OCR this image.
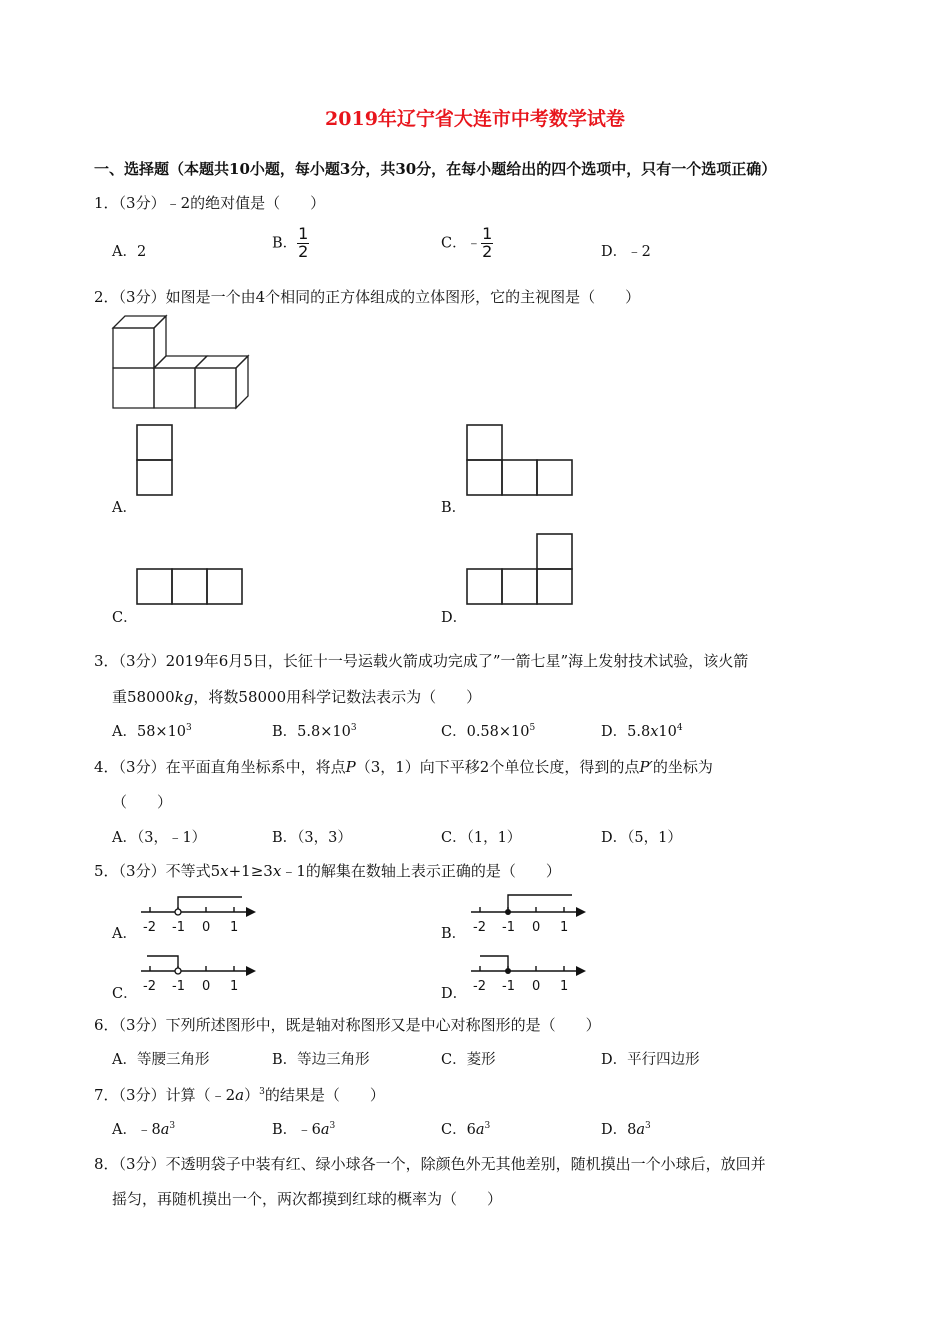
2019年辽宁省大连市中考数学试卷
一、选择题（本题共10小题，每小题3分，共30分，在每小题给出的四个选项中，只有一个选项正确）
1．（3分）﹣2的绝对值是（　　）
A．2
B． $\frac{1}{2}$	C．﹣ $\frac{1}{2}$	D．﹣2
2．（3分）如图是一个由4个相同的正方体组成的立体图形，它的主视图是（　　）
A．	B．
C．	D．
3．（3分）2019年6月5日，长征十一号运载火箭成功完成了”一箭七星”海上发射技术试验，该火箭
重58000kg，将数58000用科学记数法表示为（　　）
A．$58\times 10^3$	B．$5.8\times 10^3$	C．$0.58\times 10^5$	D．$5.8x10^4$
4．（3分）在平面直角坐标系中，将点P（3，1）向下平移2个单位长度，得到的点P′的坐标为
（　　）
A．（3，﹣1）	B．（3，3）	C．（1，1）	D．（5，1）
5．（3分）不等式5x+1≥3x﹣1的解集在数轴上表示正确的是（　　）
-2 -1 0 1
A．	-2 -1 0 1
B．
-2 -1 0 1
C．	-2 -1 0 1
D．
6．（3分）下列所述图形中，既是轴对称图形又是中心对称图形的是（　　）
A．等腰三角形	B．等边三角形	C．菱形	D．平行四边形
7．（3分）计算（﹣2a）$^3$的结果是（　　）
A．$﹣8a^3$	B．$﹣6a^3$	C．$6a^3$	D．$8a^3$
8．（3分）不透明袋子中装有红、绿小球各一个，除颜色外无其他差别，随机摸出一个小球后，放回并
摇匀，再随机摸出一个，两次都摸到红球的概率为（　　）
